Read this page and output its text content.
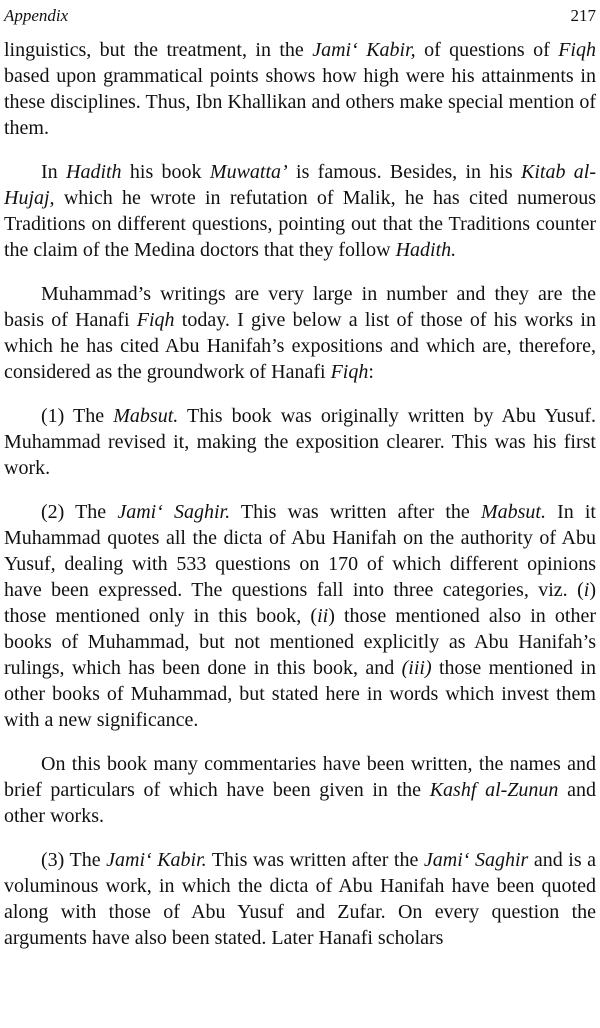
Appendix	217

linguistics, but the treatment, in the Jami‘ Kabir, of questions of Fiqh based upon grammatical points shows how high were his attainments in these disciplines. Thus, Ibn Khallikan and others make special mention of them.

In Hadith his book Muwatta’ is famous. Besides, in his Kitab al-Hujaj, which he wrote in refutation of Malik, he has cited numerous Traditions on different questions, pointing out that the Traditions counter the claim of the Medina doctors that they follow Hadith.

Muhammad’s writings are very large in number and they are the basis of Hanafi Fiqh today. I give below a list of those of his works in which he has cited Abu Hanifah’s expositions and which are, therefore, considered as the groundwork of Hanafi Fiqh:

(1) The Mabsut. This book was originally written by Abu Yusuf. Muhammad revised it, making the exposition clearer. This was his first work.

(2) The Jami‘ Saghir. This was written after the Mabsut. In it Muhammad quotes all the dicta of Abu Hanifah on the authority of Abu Yusuf, dealing with 533 questions on 170 of which different opinions have been expressed. The questions fall into three categories, viz. (i) those mentioned only in this book, (ii) those mentioned also in other books of Muhammad, but not mentioned explicitly as Abu Hanifah’s rulings, which has been done in this book, and (iii) those mentioned in other books of Muhammad, but stated here in words which invest them with a new significance.

On this book many commentaries have been written, the names and brief particulars of which have been given in the Kashf al-Zunun and other works.

(3) The Jami‘ Kabir. This was written after the Jami‘ Saghir and is a voluminous work, in which the dicta of Abu Hanifah have been quoted along with those of Abu Yusuf and Zufar. On every question the arguments have also been stated. Later Hanafi scholars
